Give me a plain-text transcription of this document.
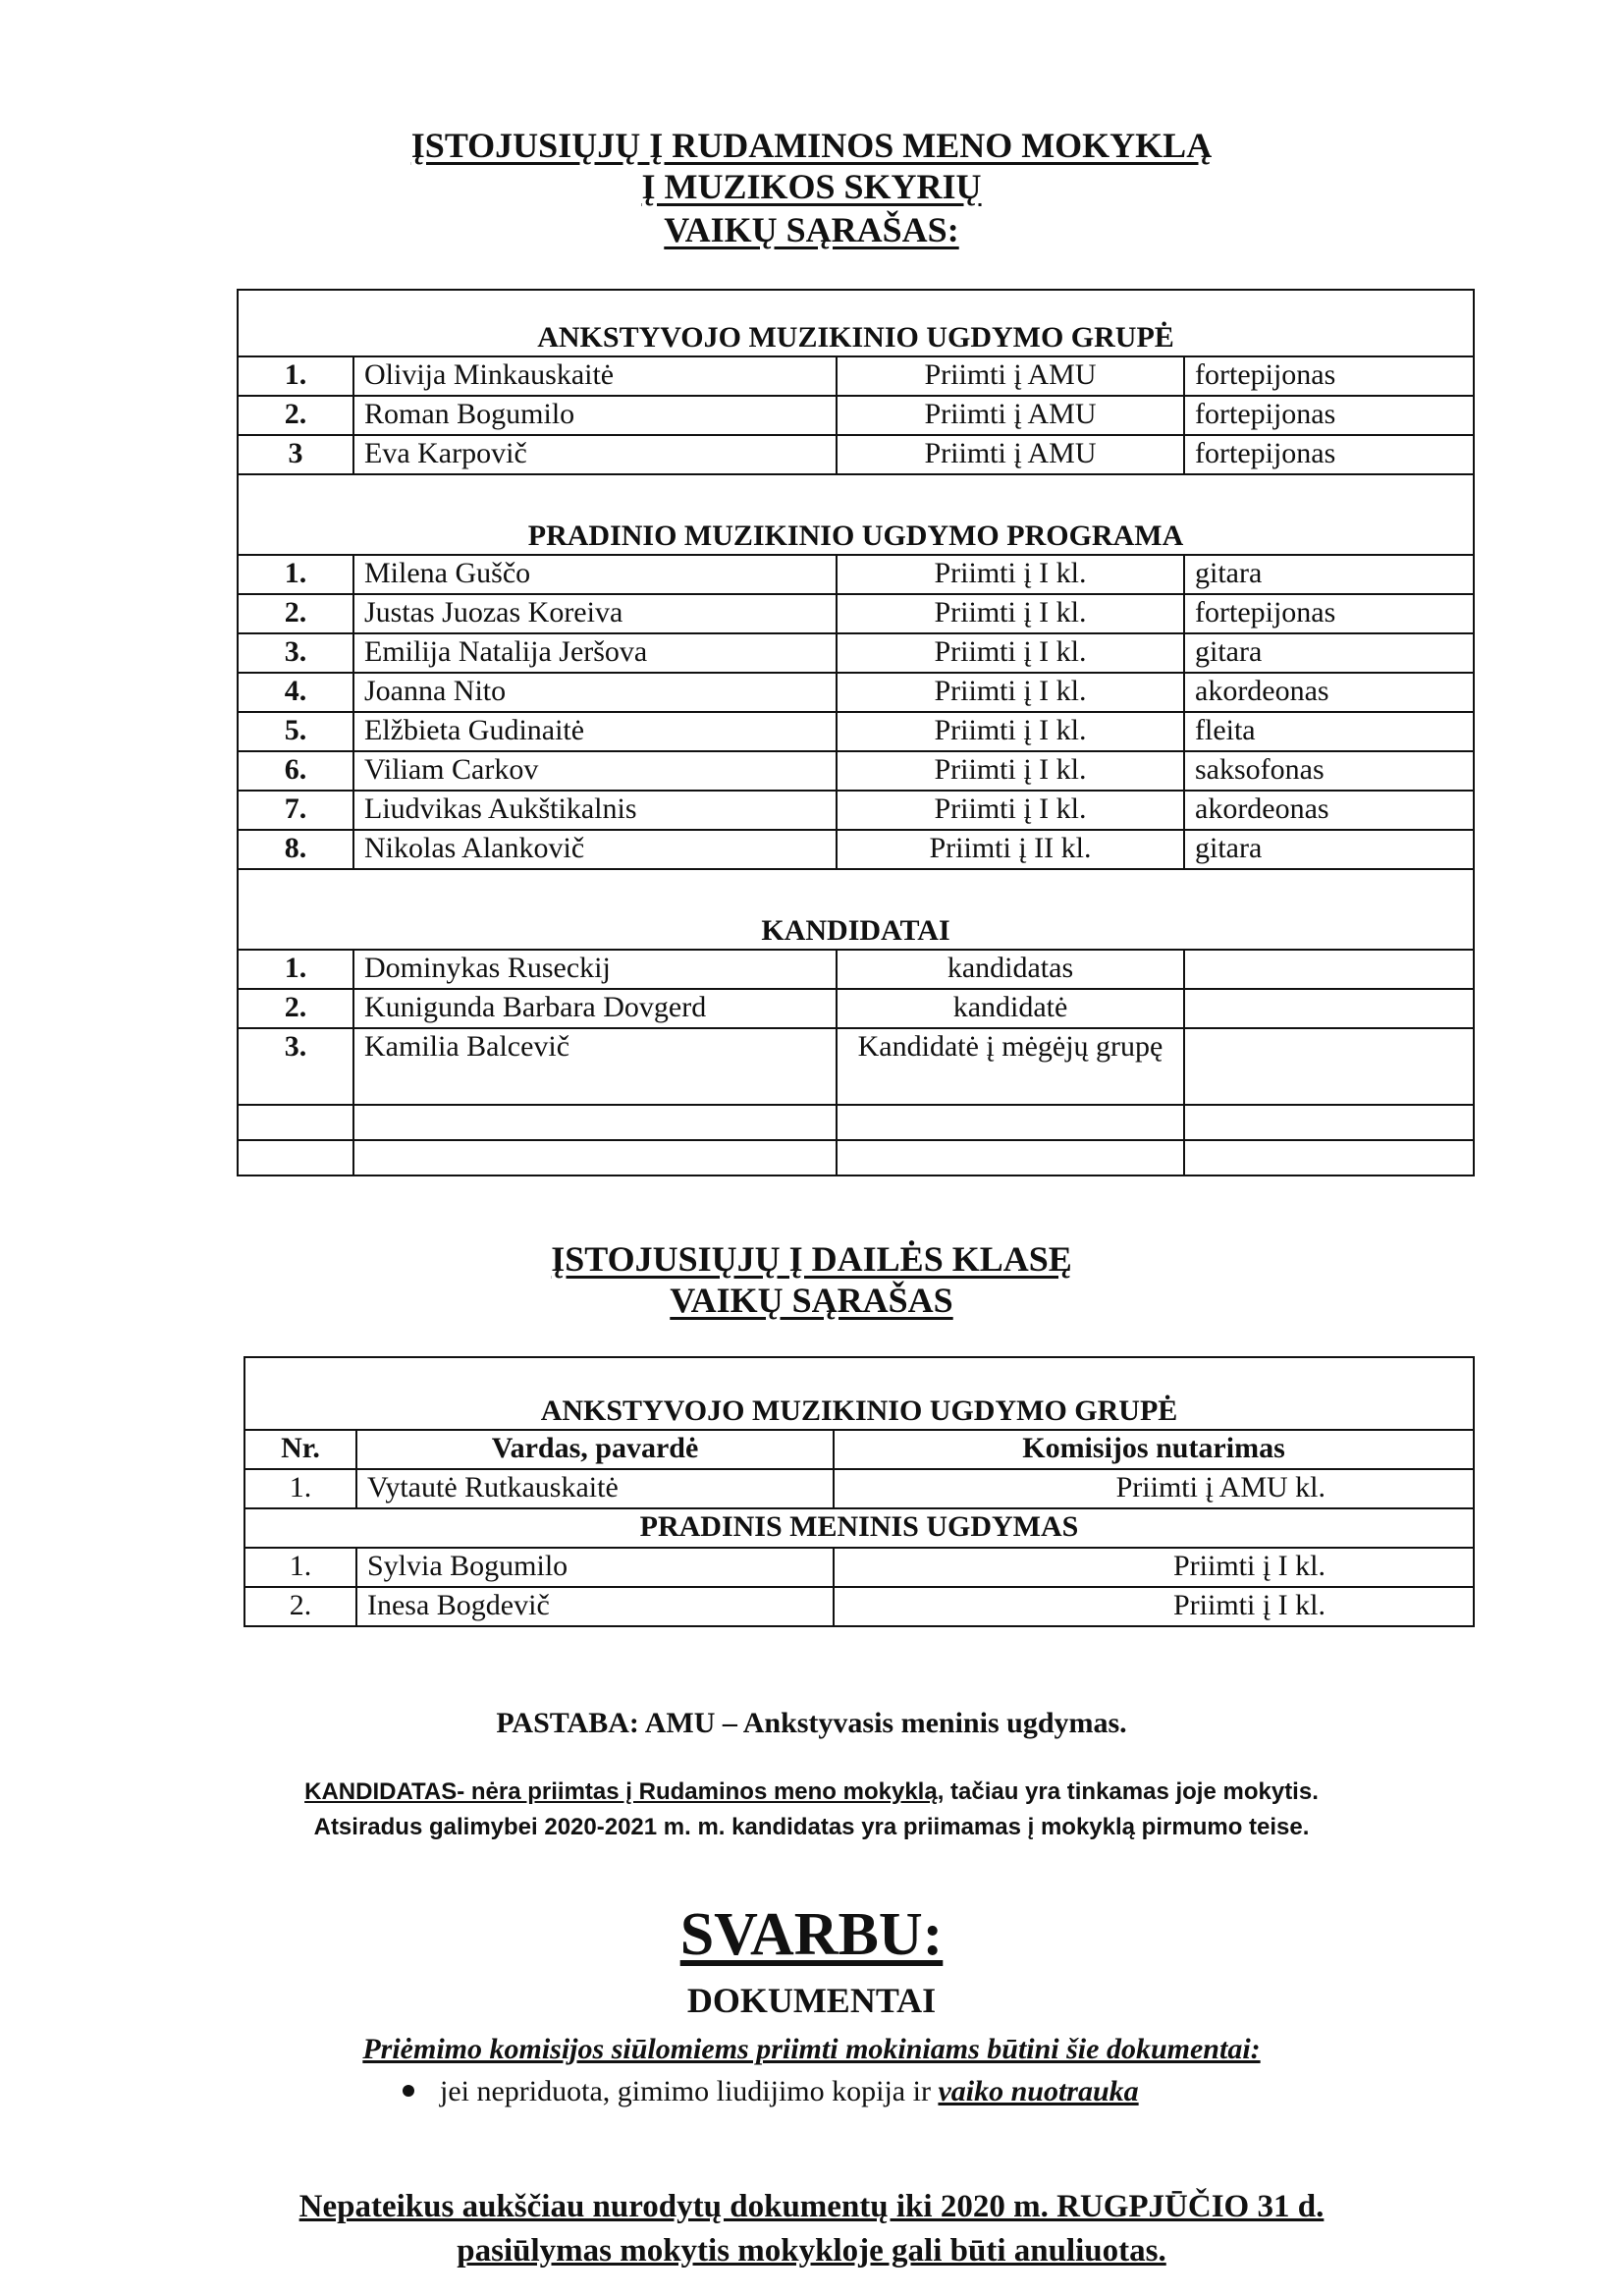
ĮSTOJUSIŲJŲ Į RUDAMINOS MENO MOKYKLĄ
Į MUZIKOS SKYRIŲ
VAIKŲ SĄRAŠAS:
ANKSTYVOJO MUZIKINIO UGDYMO GRUPĖ			
1.	Olivija Minkauskaitė	Priimti į AMU	fortepijonas
2.	Roman Bogumilo	Priimti į AMU	fortepijonas
3	Eva Karpovič	Priimti į AMU	fortepijonas
PRADINIO MUZIKINIO UGDYMO PROGRAMA			
1.	Milena Guščo	Priimti į I kl.	gitara
2.	Justas Juozas Koreiva	Priimti į I kl.	fortepijonas
3.	Emilija Natalija Jeršova	Priimti į I kl.	gitara
4.	Joanna Nito	Priimti į I kl.	akordeonas
5.	Elžbieta Gudinaitė	Priimti į I kl.	fleita
6.	Viliam Carkov	Priimti į I kl.	saksofonas
7.	Liudvikas Aukštikalnis	Priimti į I kl.	akordeonas
8.	Nikolas Alankovič	Priimti į II kl.	gitara
KANDIDATAI			
1.	Dominykas Ruseckij	kandidatas	
2.	Kunigunda Barbara Dovgerd	kandidatė	
3.	Kamilia Balcevič	Kandidatė į mėgėjų grupę	

ĮSTOJUSIŲJŲ Į DAILĖS KLASĘ
VAIKŲ SĄRAŠAS
ANKSTYVOJO MUZIKINIO UGDYMO GRUPĖ		
Nr.	Vardas, pavardė	Komisijos nutarimas
1.	Vytautė Rutkauskaitė	Priimti į AMU kl.
PRADINIS MENINIS UGDYMAS		
1.	Sylvia Bogumilo	Priimti į I kl.
2.	Inesa Bogdevič	Priimti į I kl.
PASTABA: AMU – Ankstyvasis meninis ugdymas.
KANDIDATAS- nėra priimtas į Rudaminos meno mokyklą, tačiau yra tinkamas joje mokytis.
Atsiradus galimybei 2020-2021 m. m. kandidatas yra priimamas į mokyklą pirmumo teise.
SVARBU:
DOKUMENTAI
Priėmimo komisijos siūlomiems priimti mokiniams būtini šie dokumentai:
jei nepriduota, gimimo liudijimo kopija ir vaiko nuotrauka
Nepateikus aukščiau nurodytų dokumentų iki 2020 m. RUGPJŪČIO 31 d.
pasiūlymas mokytis mokykloje gali būti anuliuotas.
